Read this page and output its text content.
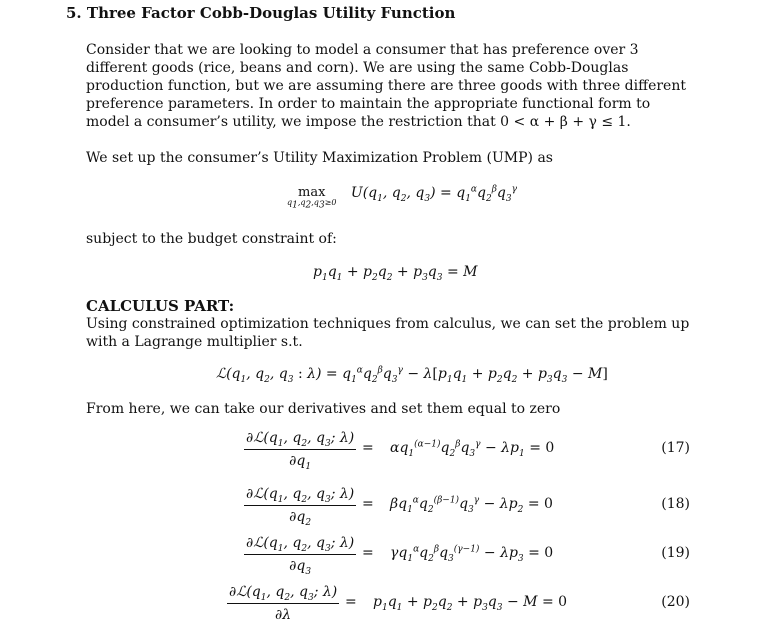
5. Three Factor Cobb-Douglas Utility Function
Consider that we are looking to model a consumer that has preference over 3 different goods (rice, beans and corn). We are using the same Cobb-Douglas production function, but we are assuming there are three goods with three different preference parameters. In order to maintain the appropriate functional form to model a consumer’s utility, we impose the restriction that 0 < α + β + γ ≤ 1.
We set up the consumer’s Utility Maximization Problem (UMP) as
max
$q_1,q_2,q_3\ge 0$
$U(q_1$, $q_2$, $q_3) = q_1^\alpha q_2^\beta q_3^\gamma$
subject to the budget constraint of:
$p_1q_1 + p_2q_2 + p_3q_3 = M$
CALCULUS PART:
Using constrained optimization techniques from calculus, we can set the problem up with a Lagrange multiplier s.t.
$ℒ(q_1$, $q_2$, $q_3$ : $\lambda) = q_1^\alpha q_2^\beta q_3^\gamma - \lambda[p_1q_1 + p_2q_2 + p_3q_3 - M]$
From here, we can take our derivatives and set them equal to zero
$\frac{\partial ℒ(q_1, q_2, q_3; \lambda)}{\partial q_1} = \alpha q_1^{(\alpha-1)}q_2^\beta q_3^\gamma - \lambda p_1 = 0$	(17)
$\frac{\partial ℒ(q_1, q_2, q_3; \lambda)}{\partial q_2} = \beta q_1^\alpha q_2^{(\beta-1)}q_3^\gamma - \lambda p_2 = 0$	(18)
$\frac{\partial ℒ(q_1, q_2, q_3; \lambda)}{\partial q_3} = \gamma q_1^\alpha q_2^\beta q_3^{(\gamma-1)} - \lambda p_3 = 0$	(19)
$\frac{\partial ℒ(q_1, q_2, q_3; \lambda)}{\partial\lambda} = p_1q_1 + p_2q_2 + p_3q_3 - M = 0$	(20)
